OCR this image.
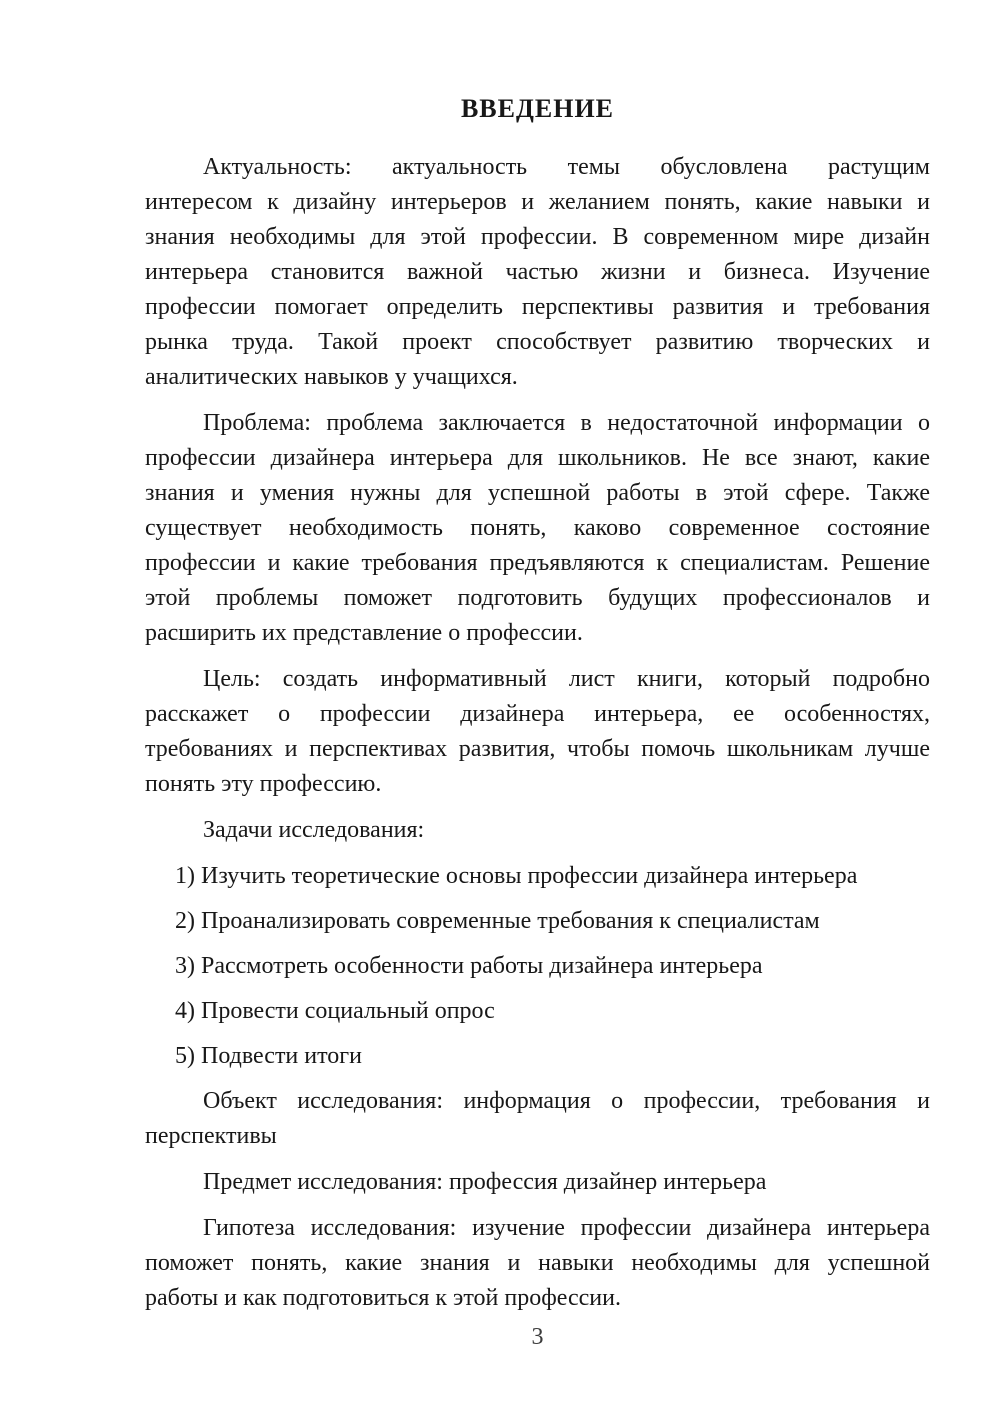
ВВЕДЕНИЕ
Актуальность: актуальность темы обусловлена растущим
интересом к дизайну интерьеров и желанием понять, какие навыки и
знания необходимы для этой профессии. В современном мире дизайн
интерьера становится важной частью жизни и бизнеса. Изучение
профессии помогает определить перспективы развития и требования
рынка труда. Такой проект способствует развитию творческих и
аналитических навыков у учащихся.
Проблема: проблема заключается в недостаточной информации о
профессии дизайнера интерьера для школьников. Не все знают, какие
знания и умения нужны для успешной работы в этой сфере. Также
существует необходимость понять, каково современное состояние
профессии и какие требования предъявляются к специалистам. Решение
этой проблемы поможет подготовить будущих профессионалов и
расширить их представление о профессии.
Цель: создать информативный лист книги, который подробно
расскажет о профессии дизайнера интерьера, ее особенностях,
требованиях и перспективах развития, чтобы помочь школьникам лучше
понять эту профессию.
Задачи исследования:
1) Изучить теоретические основы профессии дизайнера интерьера
2) Проанализировать современные требования к специалистам
3) Рассмотреть особенности работы дизайнера интерьера
4) Провести социальный опрос
5) Подвести итоги
Объект исследования: информация о профессии, требования и
перспективы
Предмет исследования: профессия дизайнер интерьера
Гипотеза исследования: изучение профессии дизайнера интерьера
поможет понять, какие знания и навыки необходимы для успешной
работы и как подготовиться к этой профессии.
3
